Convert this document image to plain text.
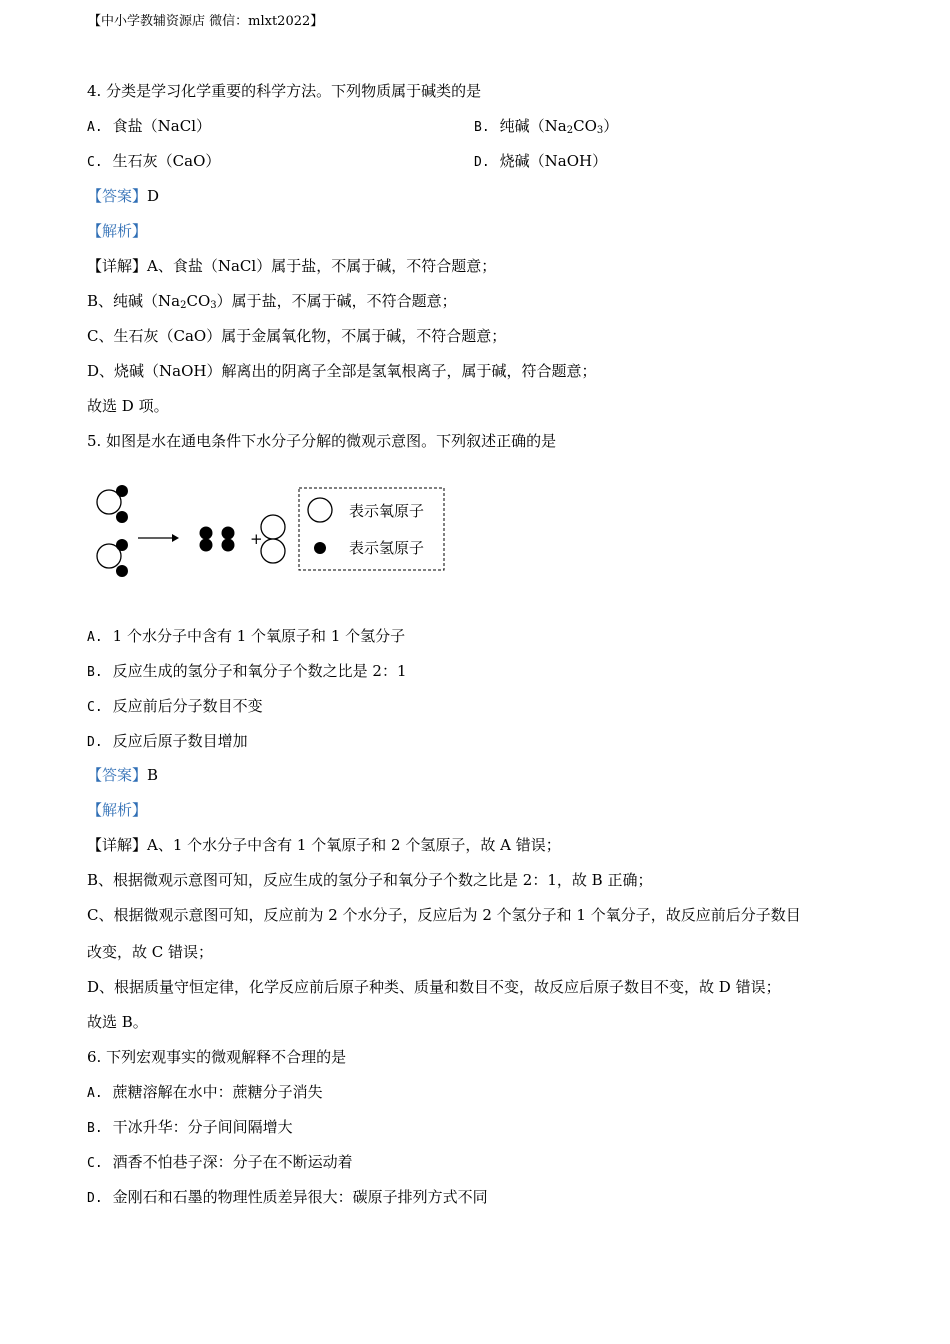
【中小学教辅资源店 微信：mlxt2022】
4. 分类是学习化学重要的科学方法。下列物质属于碱类的是
A. 食盐（NaCl）	B. 纯碱$(Na_2CO_3)$
C. 生石灰（CaO）	D. 烧碱（NaOH）
【答案】D
【解析】
【详解】A、食盐（NaCl）属于盐，不属于碱，不符合题意；
B、纯碱$(Na_2CO_3)$属于盐，不属于碱，不符合题意；
C、生石灰（CaO）属于金属氧化物，不属于碱，不符合题意；
D、烧碱（NaOH）解离出的阴离子全部是氢氧根离子，属于碱，符合题意；
故选 D 项。
5. 如图是水在通电条件下水分子分解的微观示意图。下列叙述正确的是
+
表示氧原子
表示氢原子
A. 1 个水分子中含有 1 个氧原子和 1 个氢分子
B. 反应生成的氢分子和氧分子个数之比是 2：1
C. 反应前后分子数目不变
D. 反应后原子数目增加
【答案】B
【解析】
【详解】A、1 个水分子中含有 1 个氧原子和 2 个氢原子，故 A 错误；
B、根据微观示意图可知，反应生成的氢分子和氧分子个数之比是 2：1，故 B 正确；
C、根据微观示意图可知，反应前为 2 个水分子，反应后为 2 个氢分子和 1 个氧分子，故反应前后分子数目
改变，故 C 错误；
D、根据质量守恒定律，化学反应前后原子种类、质量和数目不变，故反应后原子数目不变，故 D 错误；
故选 B。
6. 下列宏观事实的微观解释不合理的是
A. 蔗糖溶解在水中：蔗糖分子消失
B. 干冰升华：分子间间隔增大
C. 酒香不怕巷子深：分子在不断运动着
D. 金刚石和石墨的物理性质差异很大：碳原子排列方式不同
